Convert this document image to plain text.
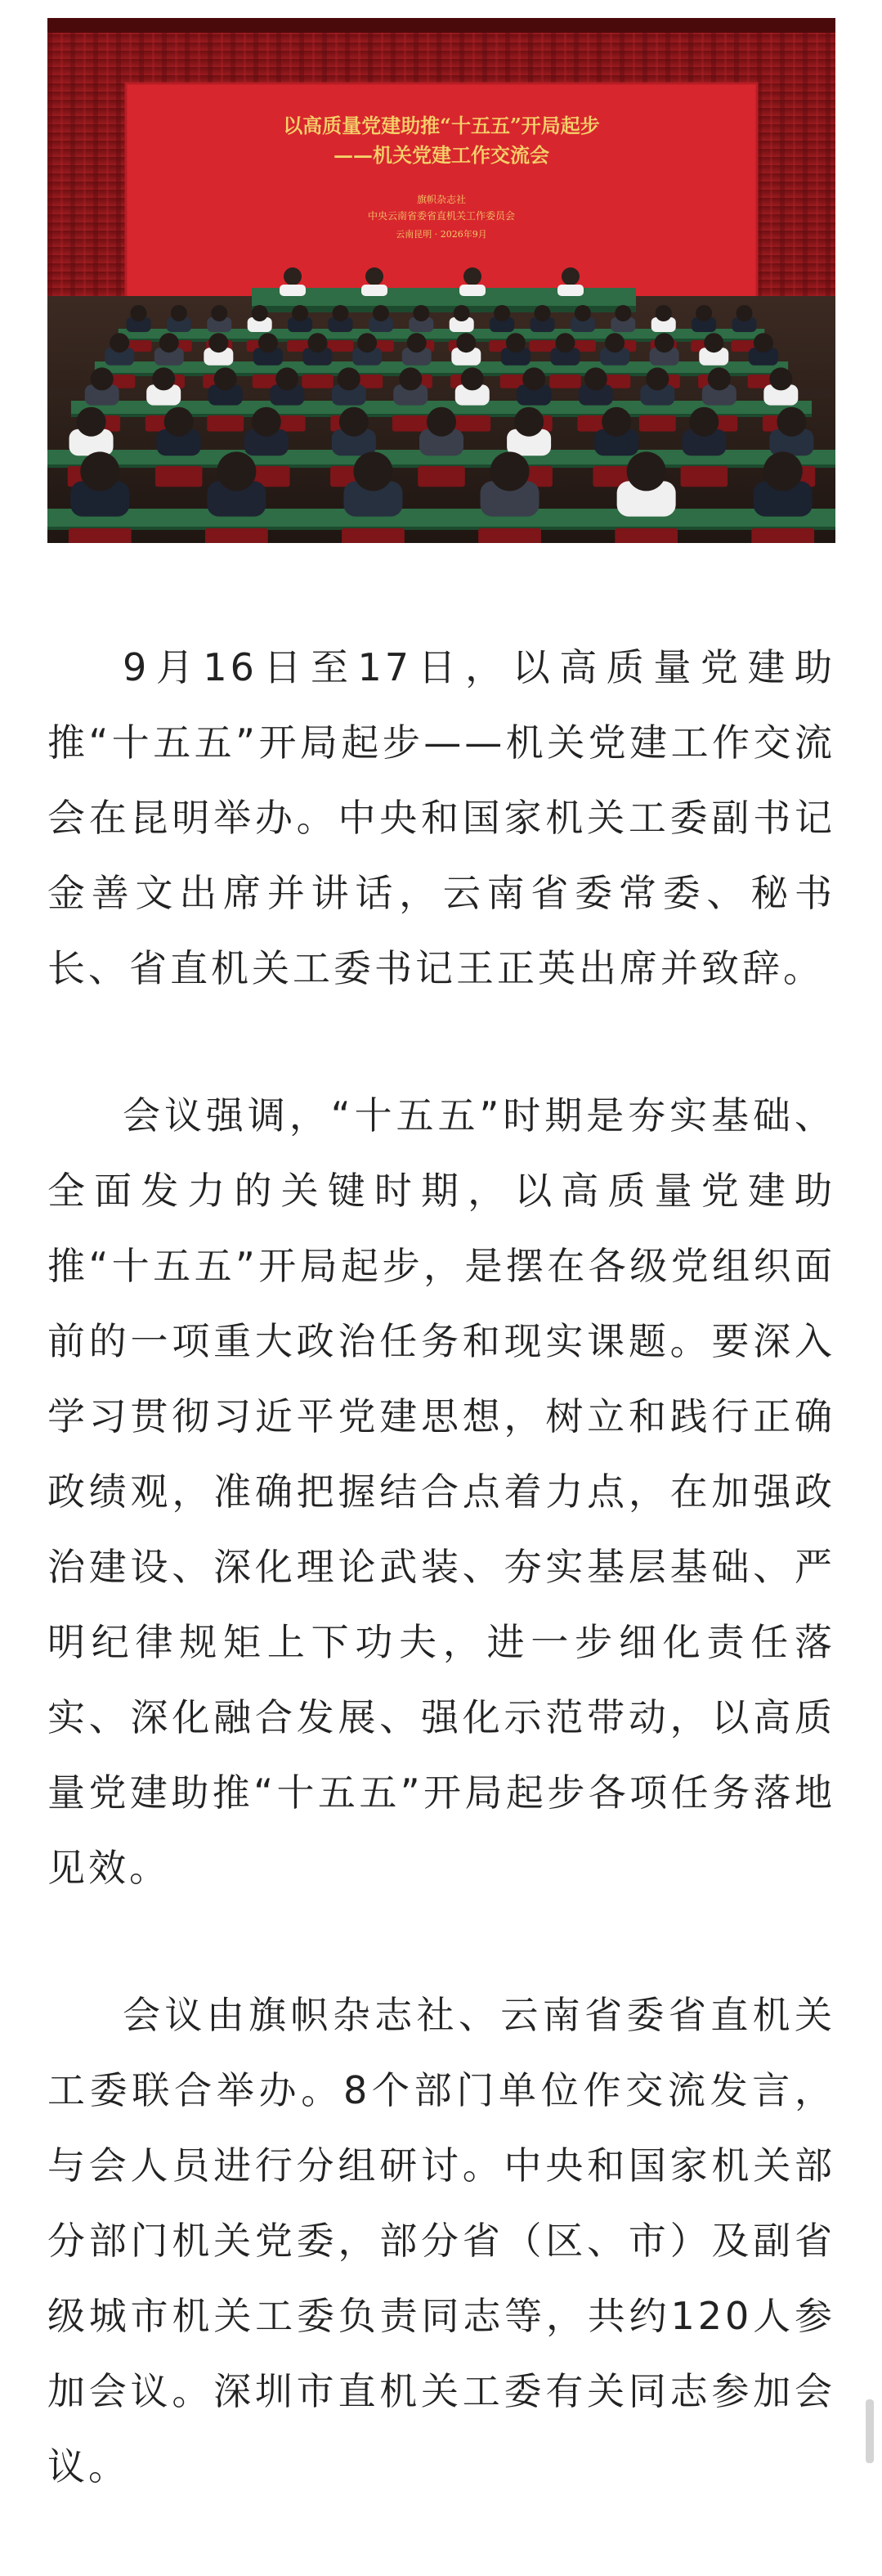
以高质量党建助推“十五五”开局起步
——机关党建工作交流会
旗帜杂志社
中央云南省委省直机关工作委员会
云南昆明 · 2026年9月

9月16日至17日，以高质量党建助推“十五五”开局起步——机关党建工作交流会在昆明举办。中央和国家机关工委副书记金善文出席并讲话，云南省委常委、秘书长、省直机关工委书记王正英出席并致辞。

会议强调，“十五五”时期是夯实基础、全面发力的关键时期，以高质量党建助推“十五五”开局起步，是摆在各级党组织面前的一项重大政治任务和现实课题。要深入学习贯彻习近平党建思想，树立和践行正确政绩观，准确把握结合点着力点，在加强政治建设、深化理论武装、夯实基层基础、严明纪律规矩上下功夫，进一步细化责任落实、深化融合发展、强化示范带动，以高质量党建助推“十五五”开局起步各项任务落地见效。

会议由旗帜杂志社、云南省委省直机关工委联合举办。8个部门单位作交流发言，与会人员进行分组研讨。中央和国家机关部分部门机关党委，部分省（区、市）及副省级城市机关工委负责同志等，共约120人参加会议。深圳市直机关工委有关同志参加会议。
